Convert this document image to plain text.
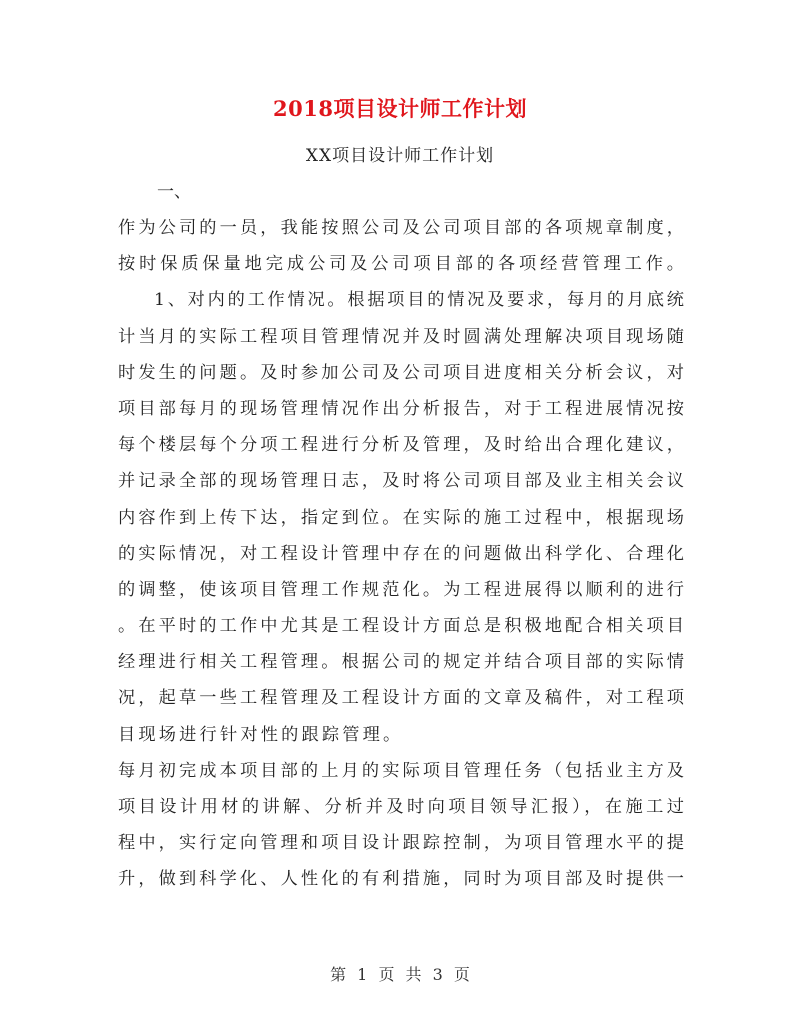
2018项目设计师工作计划
XX项目设计师工作计划
一、
作为公司的一员，我能按照公司及公司项目部的各项规章制度，
按时保质保量地完成公司及公司项目部的各项经营管理工作。
1、对内的工作情况。根据项目的情况及要求，每月的月底统
计当月的实际工程项目管理情况并及时圆满处理解决项目现场随
时发生的问题。及时参加公司及公司项目进度相关分析会议，对
项目部每月的现场管理情况作出分析报告，对于工程进展情况按
每个楼层每个分项工程进行分析及管理，及时给出合理化建议，
并记录全部的现场管理日志，及时将公司项目部及业主相关会议
内容作到上传下达，指定到位。在实际的施工过程中，根据现场
的实际情况，对工程设计管理中存在的问题做出科学化、合理化
的调整，使该项目管理工作规范化。为工程进展得以顺利的进行
。在平时的工作中尤其是工程设计方面总是积极地配合相关项目
经理进行相关工程管理。根据公司的规定并结合项目部的实际情
况，起草一些工程管理及工程设计方面的文章及稿件，对工程项
目现场进行针对性的跟踪管理。
每月初完成本项目部的上月的实际项目管理任务（包括业主方及
项目设计用材的讲解、分析并及时向项目领导汇报），在施工过
程中，实行定向管理和项目设计跟踪控制，为项目管理水平的提
升，做到科学化、人性化的有利措施，同时为项目部及时提供一
第 1 页 共 3 页
